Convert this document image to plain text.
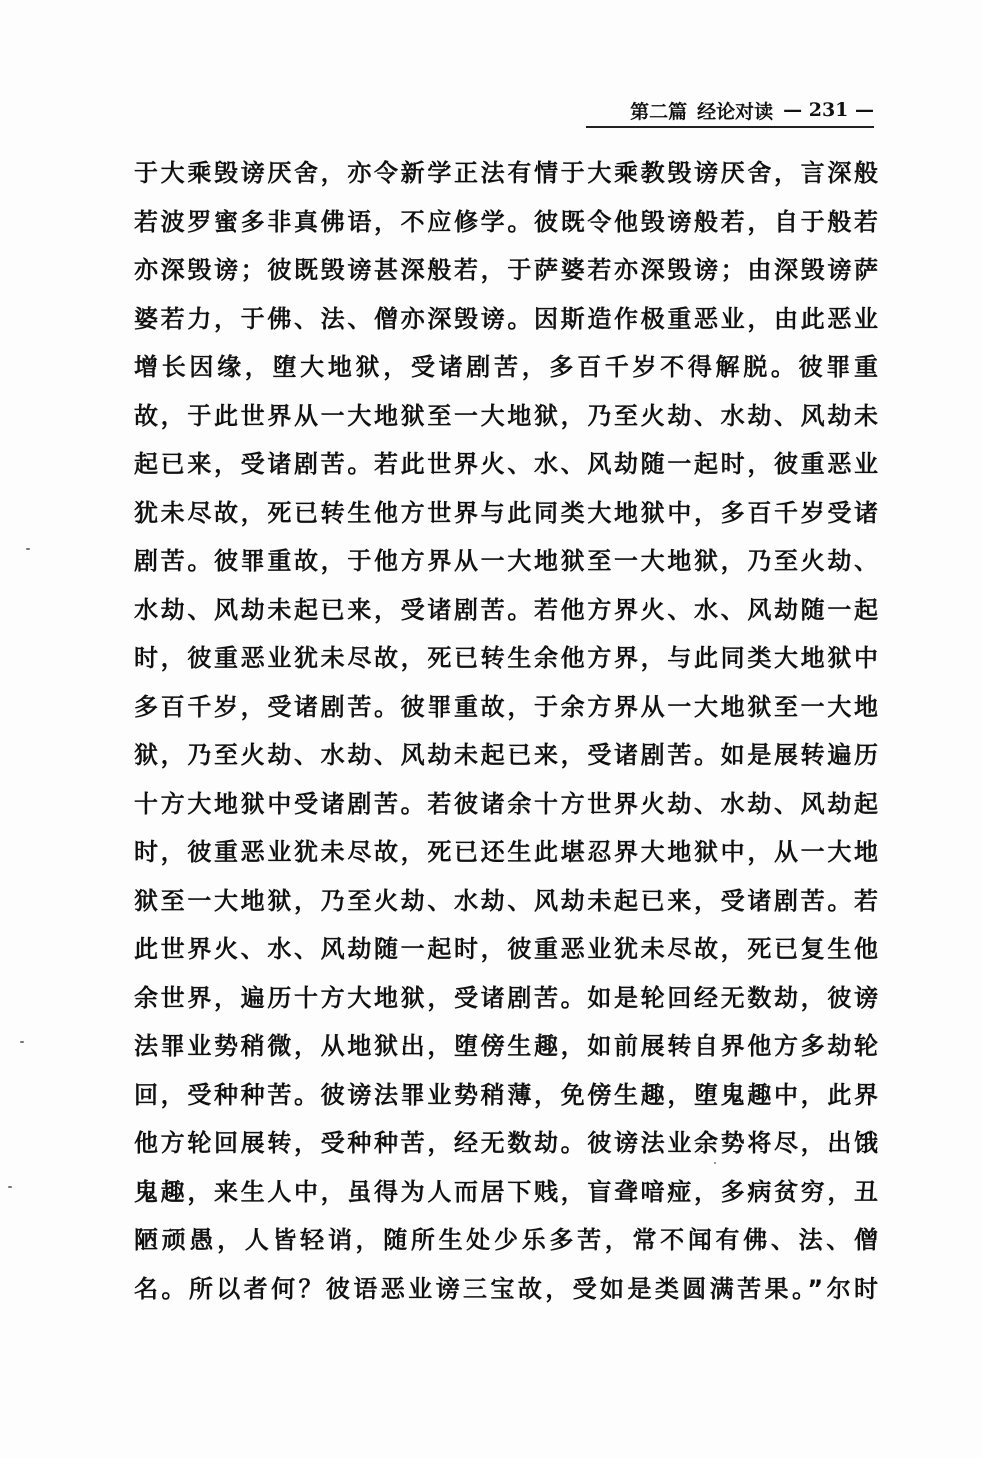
第二篇 经论对读 — 231 —
于大乘毁谤厌舍，亦令新学正法有情于大乘教毁谤厌舍，言深般
若波罗蜜多非真佛语，不应修学。彼既令他毁谤般若，自于般若
亦深毁谤；彼既毁谤甚深般若，于萨婆若亦深毁谤；由深毁谤萨
婆若力，于佛、法、僧亦深毁谤。因斯造作极重恶业，由此恶业
增长因缘，堕大地狱，受诸剧苦，多百千岁不得解脱。彼罪重
故，于此世界从一大地狱至一大地狱，乃至火劫、水劫、风劫未
起已来，受诸剧苦。若此世界火、水、风劫随一起时，彼重恶业
犹未尽故，死已转生他方世界与此同类大地狱中，多百千岁受诸
剧苦。彼罪重故，于他方界从一大地狱至一大地狱，乃至火劫、
水劫、风劫未起已来，受诸剧苦。若他方界火、水、风劫随一起
时，彼重恶业犹未尽故，死已转生余他方界，与此同类大地狱中
多百千岁，受诸剧苦。彼罪重故，于余方界从一大地狱至一大地
狱，乃至火劫、水劫、风劫未起已来，受诸剧苦。如是展转遍历
十方大地狱中受诸剧苦。若彼诸余十方世界火劫、水劫、风劫起
时，彼重恶业犹未尽故，死已还生此堪忍界大地狱中，从一大地
狱至一大地狱，乃至火劫、水劫、风劫未起已来，受诸剧苦。若
此世界火、水、风劫随一起时，彼重恶业犹未尽故，死已复生他
余世界，遍历十方大地狱，受诸剧苦。如是轮回经无数劫，彼谤
法罪业势稍微，从地狱出，堕傍生趣，如前展转自界他方多劫轮
回，受种种苦。彼谤法罪业势稍薄，免傍生趣，堕鬼趣中，此界
他方轮回展转，受种种苦，经无数劫。彼谤法业余势将尽，出饿
鬼趣，来生人中，虽得为人而居下贱，盲聋喑痖，多病贫穷，丑
陋顽愚，人皆轻诮，随所生处少乐多苦，常不闻有佛、法、僧
名。所以者何？彼语恶业谤三宝故，受如是类圆满苦果。”尔时
